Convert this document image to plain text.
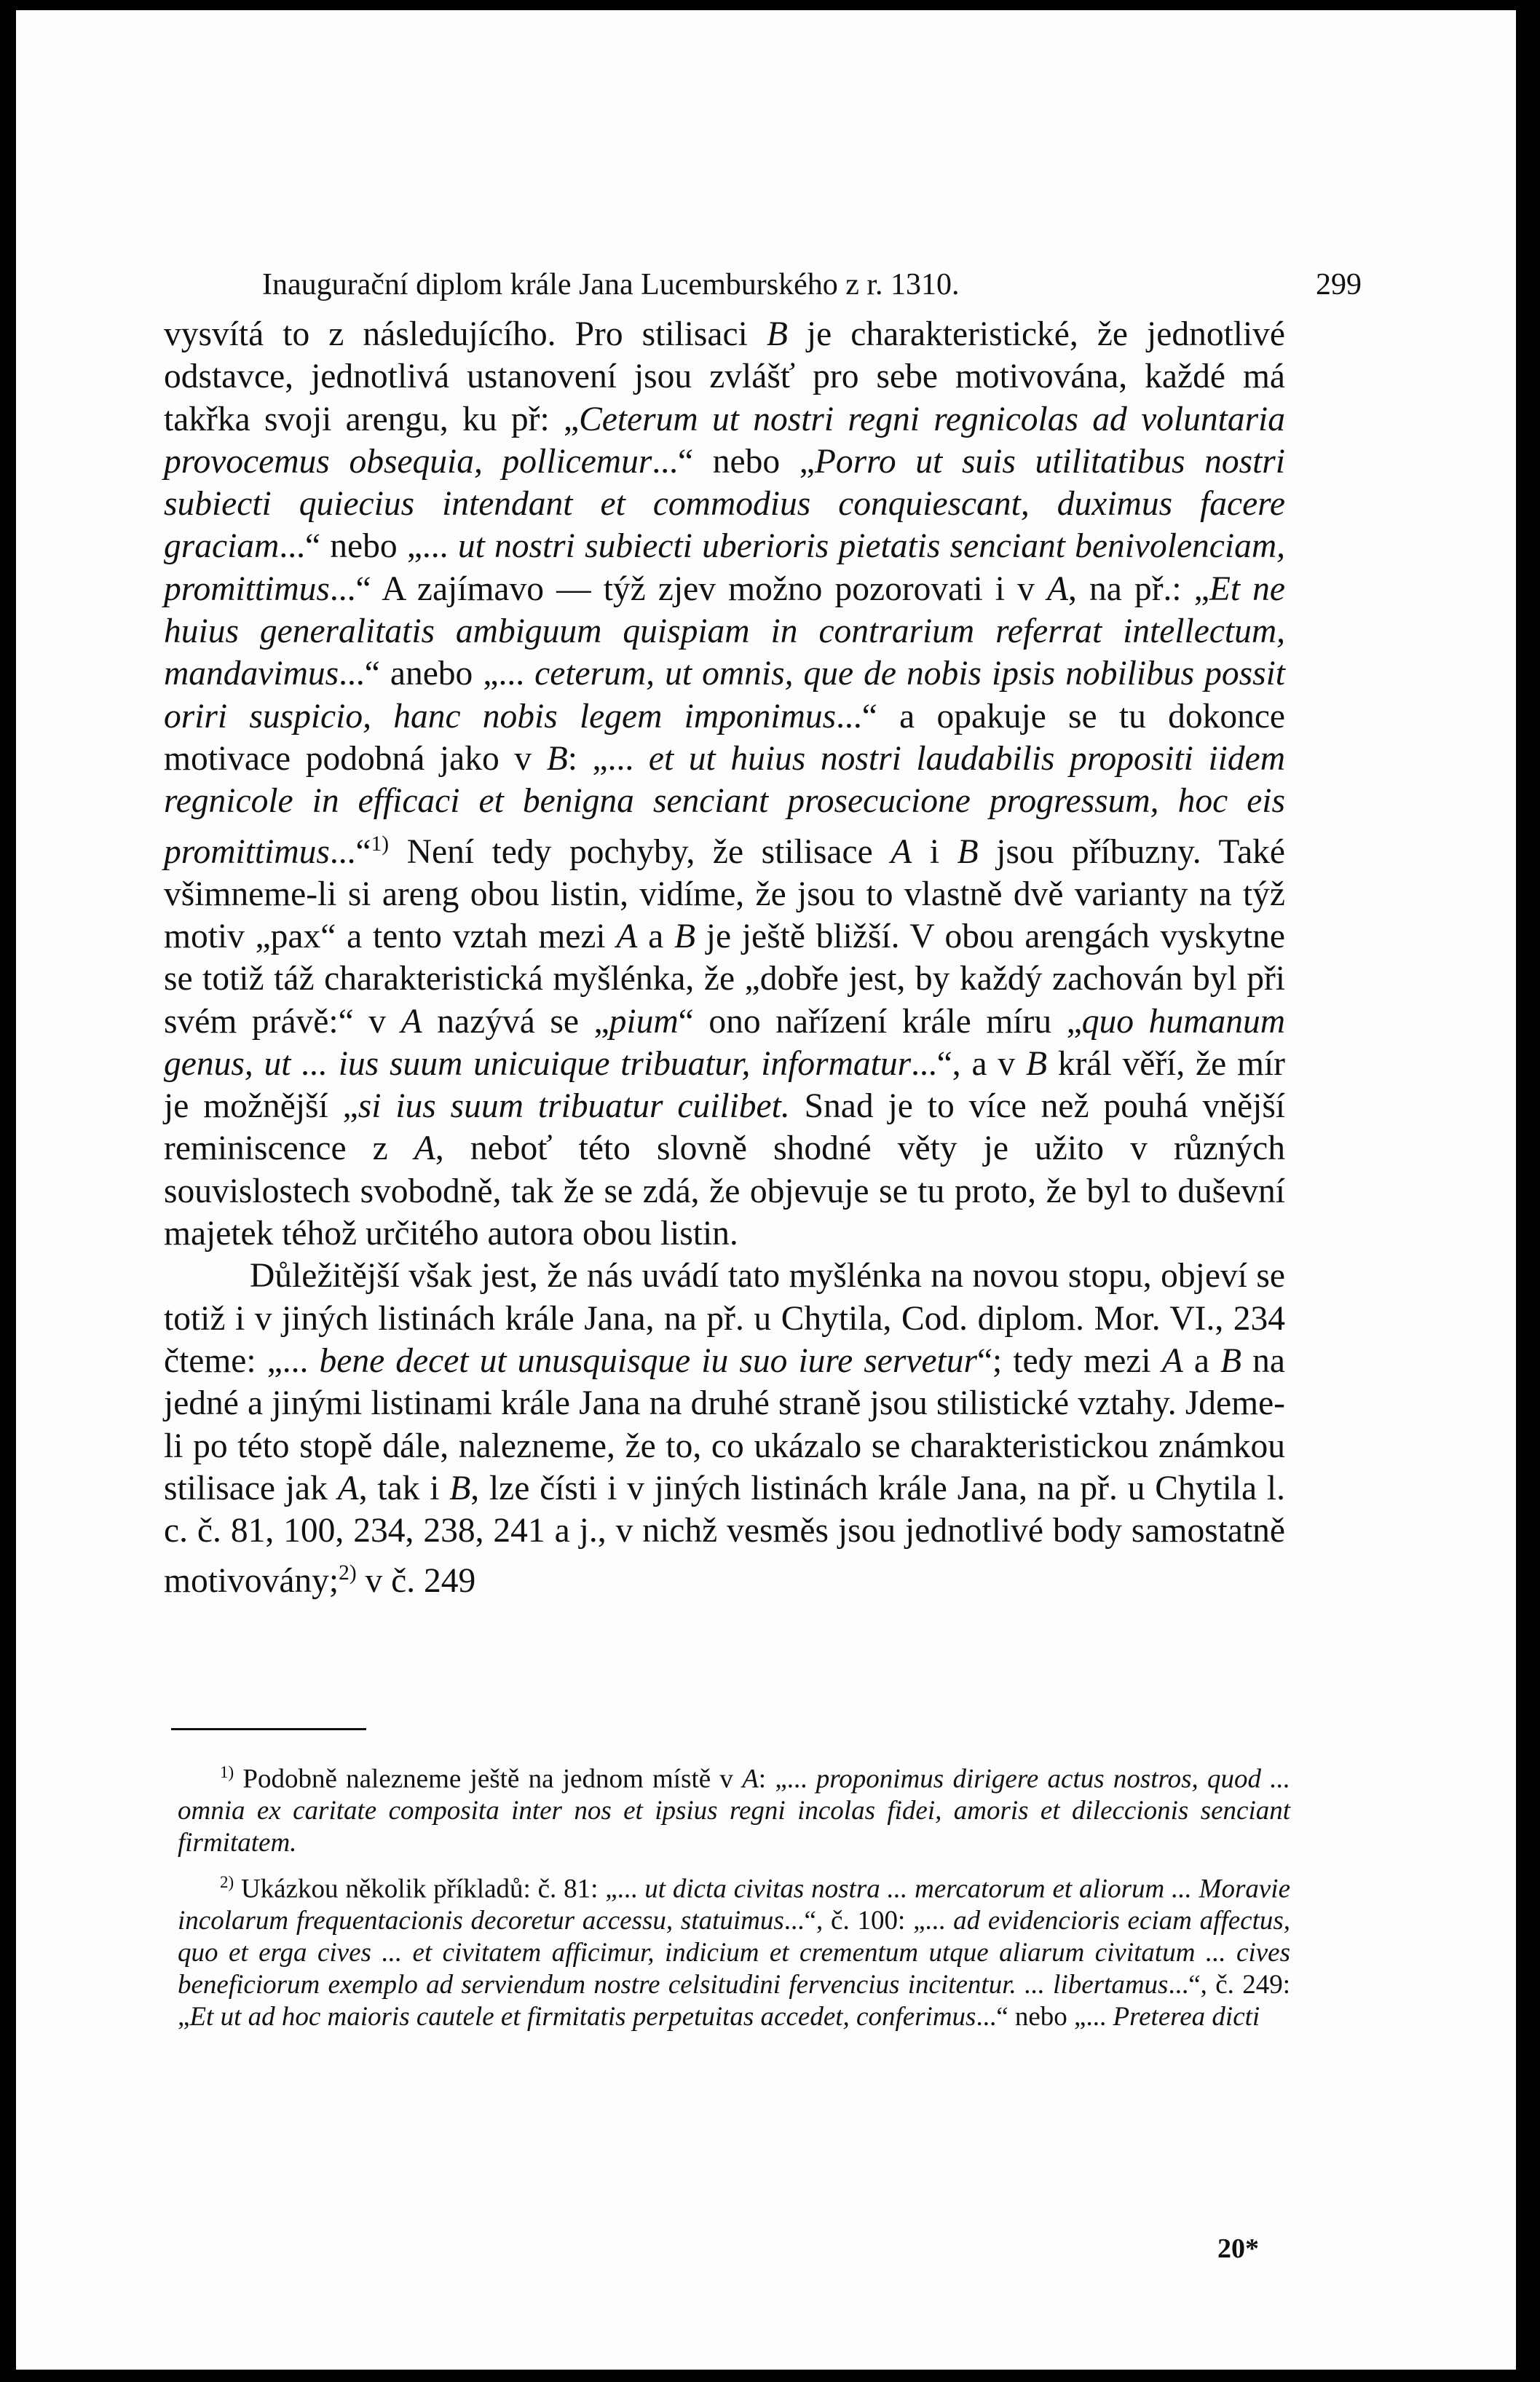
Inaugurační diplom krále Jana Lucemburského z r. 1310.	299

vysvítá to z následujícího. Pro stilisaci B je charakteristické, že jednotlivé odstavce, jednotlivá ustanovení jsou zvlášť pro sebe motivována, každé má takřka svoji arengu, ku př: „Ceterum ut nostri regni regnicolas ad voluntaria provocemus obsequia, pollicemur...“ nebo „Porro ut suis utilitatibus nostri subiecti quiecius intendant et commodius conquiescant, duximus facere graciam...“ nebo „... ut nostri subiecti uberioris pietatis senciant benivolenciam, promittimus...“ A zajímavo — týž zjev možno pozorovati i v A, na př.: „Et ne huius generalitatis ambiguum quispiam in contrarium referrat intellectum, mandavimus...“ anebo „... ceterum, ut omnis, que de nobis ipsis nobilibus possit oriri suspicio, hanc nobis legem imponimus...“ a opakuje se tu dokonce motivace podobná jako v B: „... et ut huius nostri laudabilis propositi iidem regnicole in efficaci et benigna senciant prosecucione progressum, hoc eis promittimus...“$^{1)}$ Není tedy pochyby, že stilisace A i B jsou příbuzny. Také všimneme-li si areng obou listin, vidíme, že jsou to vlastně dvě varianty na týž motiv „pax“ a tento vztah mezi A a B je ještě bližší. V obou arengách vyskytne se totiž táž charakteristická myšlénka, že „dobře jest, by každý zachován byl při svém právě:“ v A nazývá se „pium“ ono nařízení krále míru „quo humanum genus, ut ... ius suum unicuique tribuatur, informatur...“, a v B král věří, že mír je možnější „si ius suum tribuatur cuilibet. Snad je to více než pouhá vnější reminiscence z A, neboť této slovně shodné věty je užito v různých souvislostech svobodně, tak že se zdá, že objevuje se tu proto, že byl to duševní majetek téhož určitého autora obou listin.

Důležitější však jest, že nás uvádí tato myšlénka na novou stopu, objeví se totiž i v jiných listinách krále Jana, na př. u Chytila, Cod. diplom. Mor. VI., 234 čteme: „... bene decet ut unusquisque iu suo iure servetur“; tedy mezi A a B na jedné a jinými listinami krále Jana na druhé straně jsou stilistické vztahy. Jdeme-li po této stopě dále, nalezneme, že to, co ukázalo se charakteristickou známkou stilisace jak A, tak i B, lze čísti i v jiných listinách krále Jana, na př. u Chytila l. c. č. 81, 100, 234, 238, 241 a j., v nichž vesměs jsou jednotlivé body samostatně motivovány;$^{2)}$ v č. 249

$^{1)}$ Podobně nalezneme ještě na jednom místě v A: „... proponimus dirigere actus nostros, quod ... omnia ex caritate composita inter nos et ipsius regni incolas fidei, amoris et dileccionis senciant firmitatem.

$^{2)}$ Ukázkou několik příkladů: č. 81: „... ut dicta civitas nostra ... mercatorum et aliorum ... Moravie incolarum frequentacionis decoretur accessu, statuimus...“, č. 100: „... ad evidencioris eciam affectus, quo et erga cives ... et civitatem afficimur, indicium et crementum utque aliarum civitatum ... cives beneficiorum exemplo ad serviendum nostre celsitudini fervencius incitentur. ... libertamus...“, č. 249: „Et ut ad hoc maioris cautele et firmitatis perpetuitas accedet, conferimus...“ nebo „... Preterea dicti

20*
